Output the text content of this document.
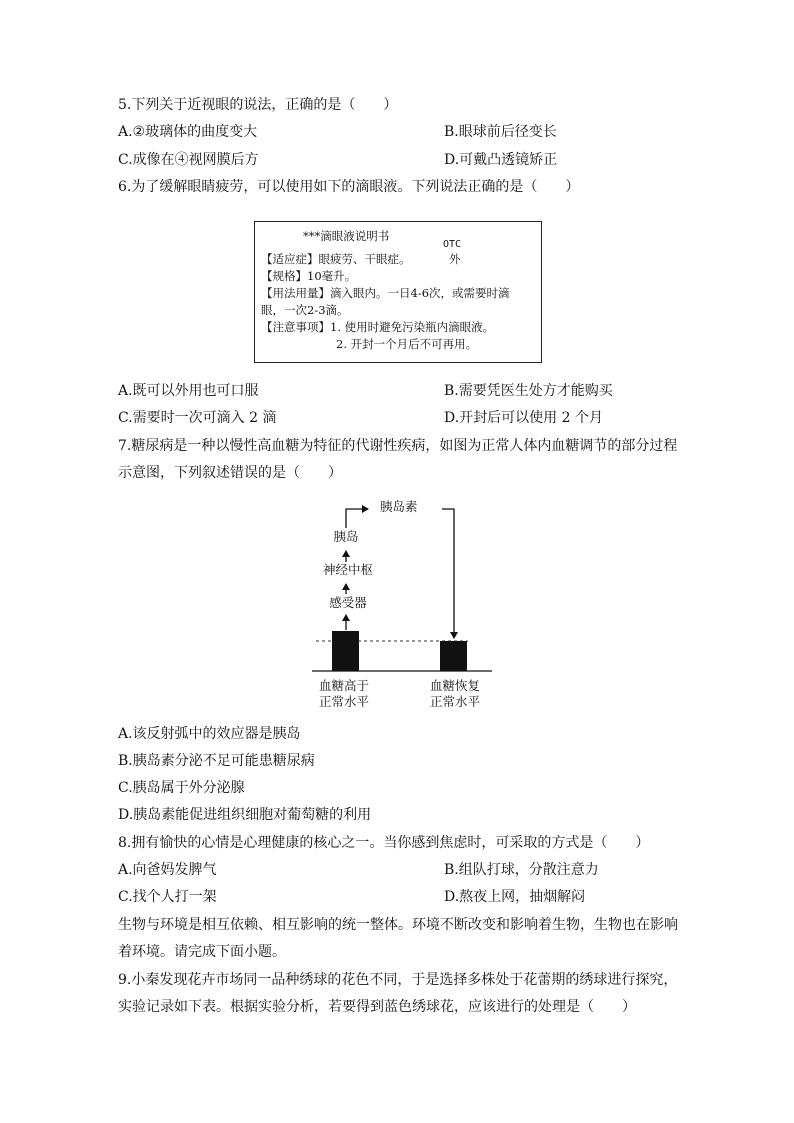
5.下列关于近视眼的说法，正确的是（　　）
A.②玻璃体的曲度变大	B.眼球前后径变长
C.成像在④视网膜后方	D.可戴凸透镜矫正
6.为了缓解眼睛疲劳，可以使用如下的滴眼液。下列说法正确的是（　　）
***滴眼液说明书
OTC
外
【适应症】眼疲劳、干眼症。
【规格】10毫升。
【用法用量】滴入眼内。一日4-6次，或需要时滴
眼，一次2-3滴。
【注意事项】1. 使用时避免污染瓶内滴眼液。
2. 开封一个月后不可再用。
A.既可以外用也可口服	B.需要凭医生处方才能购买
C.需要时一次可滴入 2 滴	D.开封后可以使用 2 个月
7.糖尿病是一种以慢性高血糖为特征的代谢性疾病，如图为正常人体内血糖调节的部分过程
示意图，下列叙述错误的是（　　）
胰岛素
胰岛
神经中枢
感受器
血糖高于
正常水平
血糖恢复
正常水平
A.该反射弧中的效应器是胰岛
B.胰岛素分泌不足可能患糖尿病
C.胰岛属于外分泌腺
D.胰岛素能促进组织细胞对葡萄糖的利用
8.拥有愉快的心情是心理健康的核心之一。当你感到焦虑时，可采取的方式是（　　）
A.向爸妈发脾气	B.组队打球，分散注意力
C.找个人打一架	D.熬夜上网，抽烟解闷
生物与环境是相互依赖、相互影响的统一整体。环境不断改变和影响着生物，生物也在影响
着环境。请完成下面小题。
9.小秦发现花卉市场同一品种绣球的花色不同，于是选择多株处于花蕾期的绣球进行探究，
实验记录如下表。根据实验分析，若要得到蓝色绣球花，应该进行的处理是（　　）
